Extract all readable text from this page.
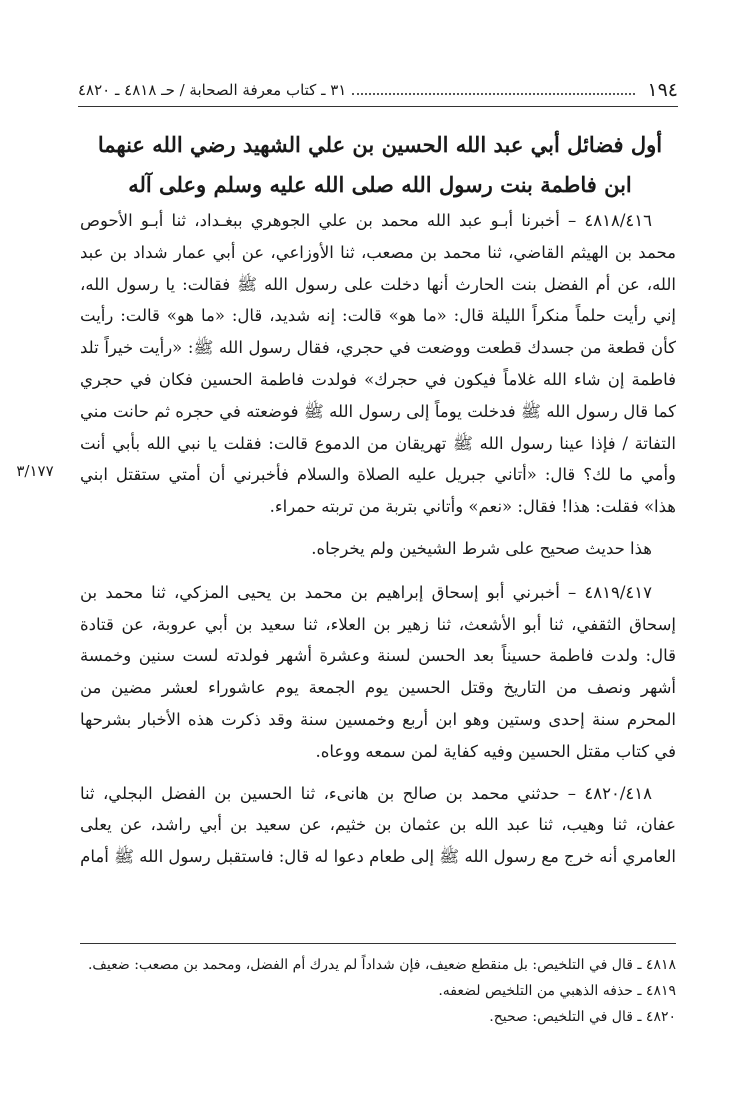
١٩٤
٣١ ـ كتاب معرفة الصحابة / حـ ٤٨١٨ ـ ٤٨٢٠
أول فضائل أبي عبد الله الحسين بن علي الشهيد رضي الله عنهما
ابن فاطمة بنت رسول الله صلى الله عليه وسلم وعلى آله

٤٨١٨/٤١٦ – أخبرنا أبـو عبد الله محمد بن علي الجوهري ببغـداد، ثنا أبـو الأحوص محمد بن الهيثم القاضي، ثنا محمد بن مصعب، ثنا الأوزاعي، عن أبي عمار شداد بن عبد الله، عن أم الفضل بنت الحارث أنها دخلت على رسول الله ﷺ فقالت: يا رسول الله، إني رأيت حلماً منكراً الليلة قال: «ما هو» قالت: إنه شديد، قال: «ما هو» قالت: رأيت كأن قطعة من جسدك قطعت ووضعت في حجري، فقال رسول الله ﷺ: «رأيت خيراً تلد فاطمة إن شاء الله غلاماً فيكون في حجرك» فولدت فاطمة الحسين فكان في حجري كما قال رسول الله ﷺ فدخلت يوماً إلى رسول الله ﷺ فوضعته في حجره ثم حانت مني التفاتة / فإذا عينا رسول الله ﷺ تهريقان من الدموع قالت: فقلت يا نبي الله بأبي أنت وأمي ما لك؟ قال: «أتاني جبريل عليه الصلاة والسلام فأخبرني أن أمتي ستقتل ابني هذا» فقلت: هذا! فقال: «نعم» وأتاني بتربة من تربته حمراء.

هذا حديث صحيح على شرط الشيخين ولم يخرجاه.

٤٨١٩/٤١٧ – أخبرني أبو إسحاق إبراهيم بن محمد بن يحيى المزكي، ثنا محمد بن إسحاق الثقفي، ثنا أبو الأشعث، ثنا زهير بن العلاء، ثنا سعيد بن أبي عروبة، عن قتادة قال: ولدت فاطمة حسيناً بعد الحسن لسنة وعشرة أشهر فولدته لست سنين وخمسة أشهر ونصف من التاريخ وقتل الحسين يوم الجمعة يوم عاشوراء لعشر مضين من المحرم سنة إحدى وستين وهو ابن أربع وخمسين سنة وقد ذكرت هذه الأخبار بشرحها في كتاب مقتل الحسين وفيه كفاية لمن سمعه ووعاه.

٤٨٢٠/٤١٨ – حدثني محمد بن صالح بن هانىء، ثنا الحسين بن الفضل البجلي، ثنا عفان، ثنا وهيب، ثنا عبد الله بن عثمان بن خثيم، عن سعيد بن أبي راشد، عن يعلى العامري أنه خرج مع رسول الله ﷺ إلى طعام دعوا له قال: فاستقبل رسول الله ﷺ أمام

٣/١٧٧
٤٨١٨ ـ قال في التلخيص: بل منقطع ضعيف، فإن شداداً لم يدرك أم الفضل، ومحمد بن مصعب: ضعيف.
٤٨١٩ ـ حذفه الذهبي من التلخيص لضعفه.
٤٨٢٠ ـ قال في التلخيص: صحيح.
